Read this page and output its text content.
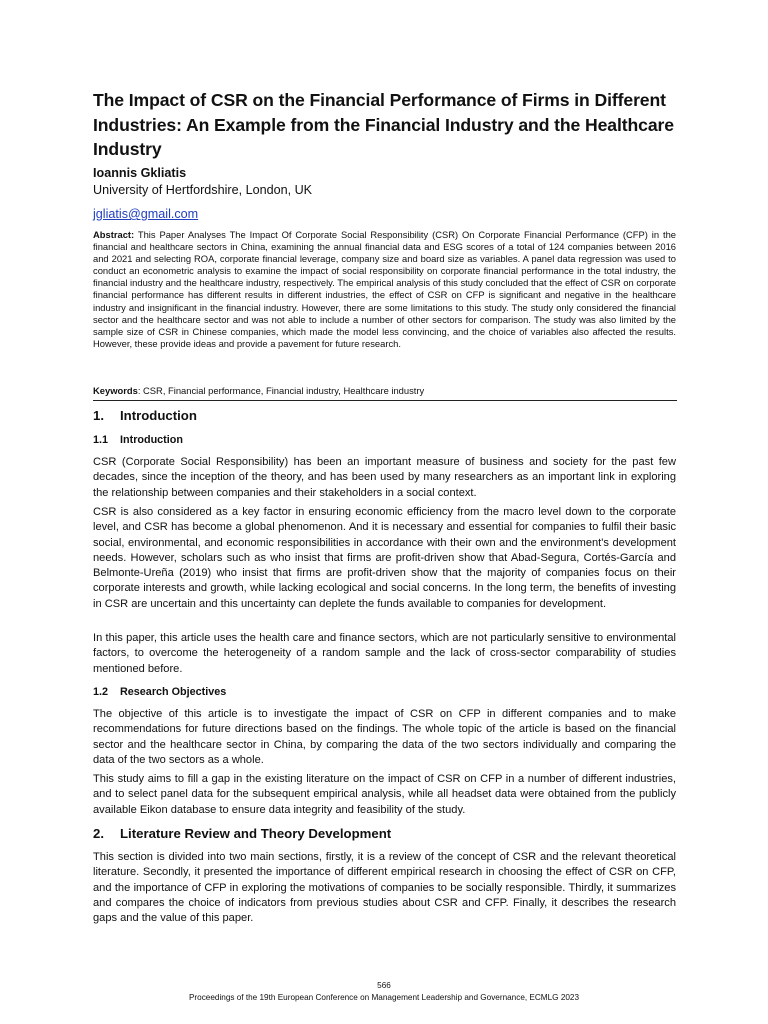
The Impact of CSR on the Financial Performance of Firms in Different Industries: An Example from the Financial Industry and the Healthcare Industry

Ioannis Gkliatis

University of Hertfordshire, London, UK

jgliatis@gmail.com

Abstract: This Paper Analyses The Impact Of Corporate Social Responsibility (CSR) On Corporate Financial Performance (CFP) in the financial and healthcare sectors in China, examining the annual financial data and ESG scores of a total of 124 companies between 2016 and 2021 and selecting ROA, corporate financial leverage, company size and board size as variables. A panel data regression was used to conduct an econometric analysis to examine the impact of social responsibility on corporate financial performance in the total industry, the financial industry and the healthcare industry, respectively. The empirical analysis of this study concluded that the effect of CSR on corporate financial performance has different results in different industries, the effect of CSR on CFP is significant and negative in the healthcare industry and insignificant in the financial industry. However, there are some limitations to this study. The study only considered the financial sector and the healthcare sector and was not able to include a number of other sectors for comparison. The study was also limited by the sample size of CSR in Chinese companies, which made the model less convincing, and the choice of variables also affected the results. However, these provide ideas and provide a pavement for future research.

Keywords: CSR, Financial performance, Financial industry, Healthcare industry

1. Introduction
1.1 Introduction

CSR (Corporate Social Responsibility) has been an important measure of business and society for the past few decades, since the inception of the theory, and has been used by many researchers as an important link in exploring the relationship between companies and their stakeholders in a social context.

CSR is also considered as a key factor in ensuring economic efficiency from the macro level down to the corporate level, and CSR has become a global phenomenon. And it is necessary and essential for companies to fulfil their basic social, environmental, and economic responsibilities in accordance with their own and the environment's development needs. However, scholars such as who insist that firms are profit-driven show that Abad-Segura, Cortés-García and Belmonte-Ureña (2019) who insist that firms are profit-driven show that the majority of companies focus on their corporate interests and growth, while lacking ecological and social concerns. In the long term, the benefits of investing in CSR are uncertain and this uncertainty can deplete the funds available to companies for development.

In this paper, this article uses the health care and finance sectors, which are not particularly sensitive to environmental factors, to overcome the heterogeneity of a random sample and the lack of cross-sector comparability of studies mentioned before.

1.2 Research Objectives

The objective of this article is to investigate the impact of CSR on CFP in different companies and to make recommendations for future directions based on the findings. The whole topic of the article is based on the financial sector and the healthcare sector in China, by comparing the data of the two sectors individually and comparing the data of the two sectors as a whole.

This study aims to fill a gap in the existing literature on the impact of CSR on CFP in a number of different industries, and to select panel data for the subsequent empirical analysis, while all headset data were obtained from the publicly available Eikon database to ensure data integrity and feasibility of the study.

2. Literature Review and Theory Development

This section is divided into two main sections, firstly, it is a review of the concept of CSR and the relevant theoretical literature. Secondly, it presented the importance of different empirical research in choosing the effect of CSR on CFP, and the importance of CFP in exploring the motivations of companies to be socially responsible. Thirdly, it summarizes and compares the choice of indicators from previous studies about CSR and CFP. Finally, it describes the research gaps and the value of this paper.

566

Proceedings of the 19th European Conference on Management Leadership and Governance, ECMLG 2023
